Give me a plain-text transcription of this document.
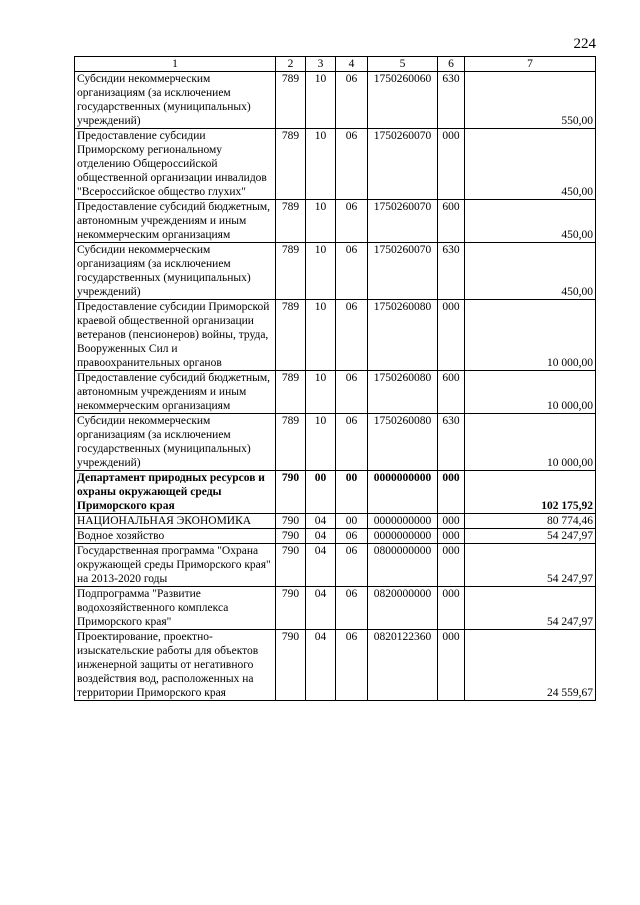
224
1	2	3	4	5	6	7
Субсидии некоммерческим организациям (за исключением государственных (муниципальных) учреждений)	789	10	06	1750260060	630	550,00
Предоставление субсидии Приморскому региональному отделению Общероссийской общественной организации инвалидов "Всероссийское общество глухих"	789	10	06	1750260070	000	450,00
Предоставление субсидий бюджетным, автономным учреждениям и иным некоммерческим организациям	789	10	06	1750260070	600	450,00
Субсидии некоммерческим организациям (за исключением государственных (муниципальных) учреждений)	789	10	06	1750260070	630	450,00
Предоставление субсидии Приморской краевой общественной организации ветеранов (пенсионеров) войны, труда, Вооруженных Сил и правоохранительных органов	789	10	06	1750260080	000	10 000,00
Предоставление субсидий бюджетным, автономным учреждениям и иным некоммерческим организациям	789	10	06	1750260080	600	10 000,00
Субсидии некоммерческим организациям (за исключением государственных (муниципальных) учреждений)	789	10	06	1750260080	630	10 000,00
Департамент природных ресурсов и охраны окружающей среды Приморского края	790	00	00	0000000000	000	102 175,92
НАЦИОНАЛЬНАЯ ЭКОНОМИКА	790	04	00	0000000000	000	80 774,46
Водное хозяйство	790	04	06	0000000000	000	54 247,97
Государственная программа "Охрана окружающей среды Приморского края" на 2013-2020 годы	790	04	06	0800000000	000	54 247,97
Подпрограмма "Развитие водохозяйственного комплекса Приморского края"	790	04	06	0820000000	000	54 247,97
Проектирование, проектно-изыскательские работы для объектов инженерной защиты от негативного воздействия вод, расположенных на территории Приморского края	790	04	06	0820122360	000	24 559,67
